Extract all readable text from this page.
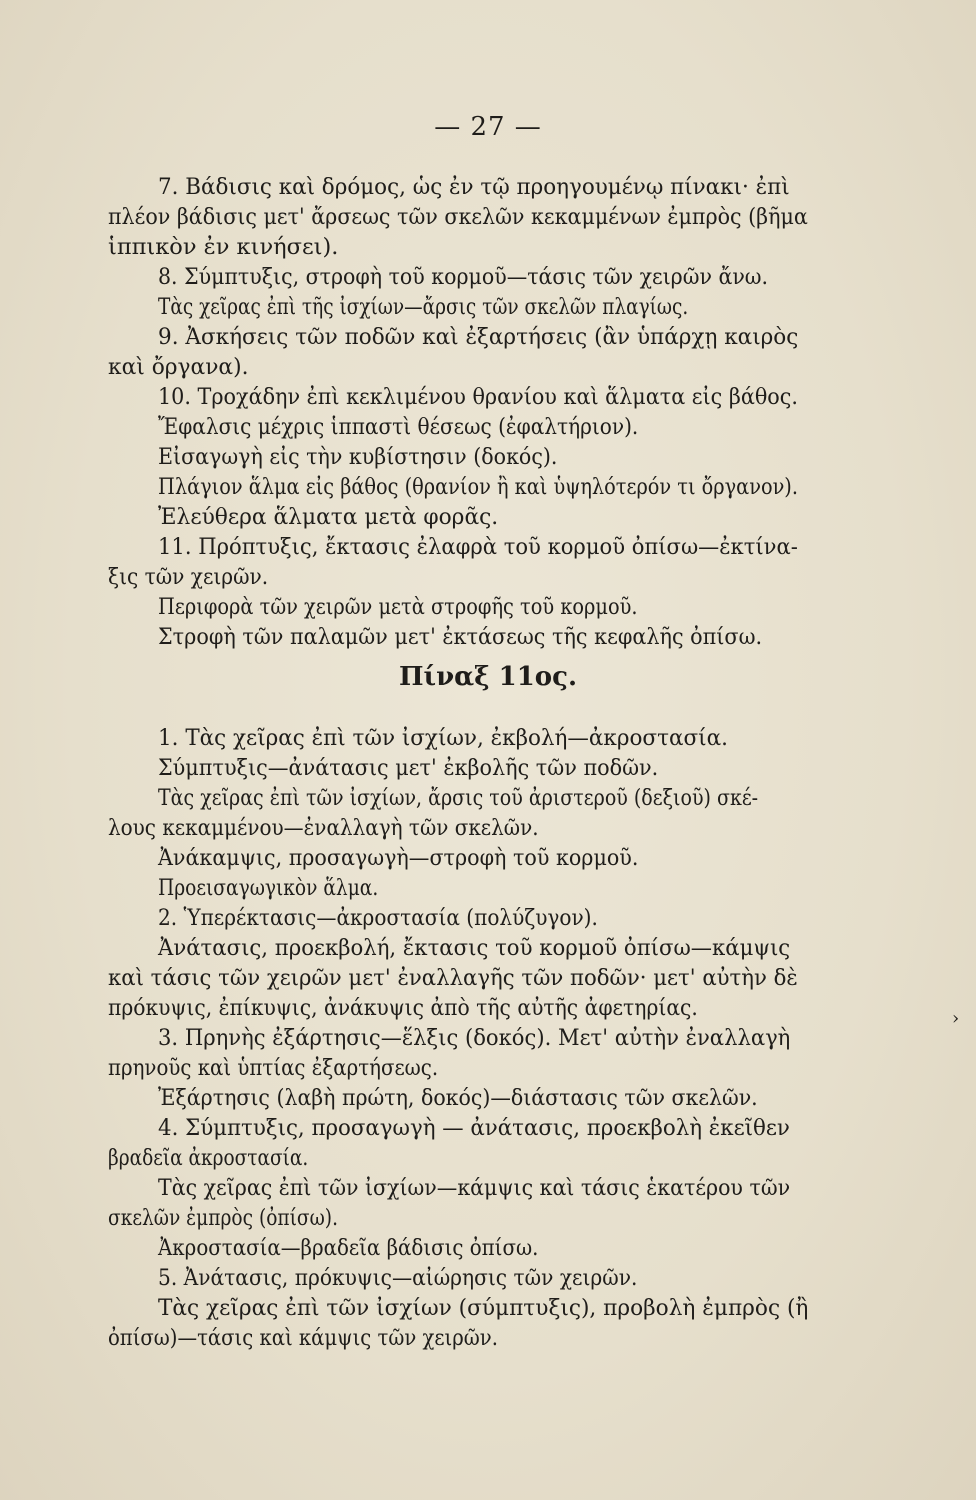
— 27 —
7. Βάδισις καὶ δρόμος, ὡς ἐν τῷ προηγουμένῳ πίνακι· ἐπὶ
πλέον βάδισις μετ' ἄρσεως τῶν σκελῶν κεκαμμένων ἐμπρὸς (βῆμα
ἱππικὸν ἐν κινήσει).
8. Σύμπτυξις, στροφὴ τοῦ κορμοῦ—τάσις τῶν χειρῶν ἄνω.
Τὰς χεῖρας ἐπὶ τῆς ἰσχίων—ἄρσις τῶν σκελῶν πλαγίως.
9. Ἀσκήσεις τῶν ποδῶν καὶ ἐξαρτήσεις (ἂν ὑπάρχῃ καιρὸς
καὶ ὄργανα).
10. Τροχάδην ἐπὶ κεκλιμένου θρανίου καὶ ἅλματα εἰς βάθος.
Ἔφαλσις μέχρις ἱππαστὶ θέσεως (ἐφαλτήριον).
Εἰσαγωγὴ εἰς τὴν κυβίστησιν (δοκός).
Πλάγιον ἅλμα εἰς βάθος (θρανίον ἢ καὶ ὑψηλότερόν τι ὄργανον).
Ἐλεύθερα ἅλματα μετὰ φορᾶς.
11. Πρόπτυξις, ἔκτασις ἐλαφρὰ τοῦ κορμοῦ ὀπίσω—ἐκτίνα-
ξις τῶν χειρῶν.
Περιφορὰ τῶν χειρῶν μετὰ στροφῆς τοῦ κορμοῦ.
Στροφὴ τῶν παλαμῶν μετ' ἐκτάσεως τῆς κεφαλῆς ὀπίσω.
Πίναξ 11ος.
1. Τὰς χεῖρας ἐπὶ τῶν ἰσχίων, ἐκβολή—ἀκροστασία.
Σύμπτυξις—ἀνάτασις μετ' ἐκβολῆς τῶν ποδῶν.
Τὰς χεῖρας ἐπὶ τῶν ἰσχίων, ἄρσις τοῦ ἀριστεροῦ (δεξιοῦ) σκέ-
λους κεκαμμένου—ἐναλλαγὴ τῶν σκελῶν.
Ἀνάκαμψις, προσαγωγὴ—στροφὴ τοῦ κορμοῦ.
Προεισαγωγικὸν ἅλμα.
2. Ὑπερέκτασις—ἀκροστασία (πολύζυγον).
Ἀνάτασις, προεκβολή, ἔκτασις τοῦ κορμοῦ ὀπίσω—κάμψις
καὶ τάσις τῶν χειρῶν μετ' ἐναλλαγῆς τῶν ποδῶν· μετ' αὐτὴν δὲ
πρόκυψις, ἐπίκυψις, ἀνάκυψις ἀπὸ τῆς αὐτῆς ἀφετηρίας.
3. Πρηνὴς ἐξάρτησις—ἕλξις (δοκός). Μετ' αὐτὴν ἐναλλαγὴ
πρηνοῦς καὶ ὑπτίας ἐξαρτήσεως.
Ἐξάρτησις (λαβὴ πρώτη, δοκός)—διάστασις τῶν σκελῶν.
4. Σύμπτυξις, προσαγωγὴ — ἀνάτασις, προεκβολὴ ἐκεῖθεν
βραδεῖα ἀκροστασία.
Τὰς χεῖρας ἐπὶ τῶν ἰσχίων—κάμψις καὶ τάσις ἑκατέρου τῶν
σκελῶν ἐμπρὸς (ὀπίσω).
Ἀκροστασία—βραδεῖα βάδισις ὀπίσω.
5. Ἀνάτασις, πρόκυψις—αἰώρησις τῶν χειρῶν.
Τὰς χεῖρας ἐπὶ τῶν ἰσχίων (σύμπτυξις), προβολὴ ἐμπρὸς (ἢ
ὀπίσω)—τάσις καὶ κάμψις τῶν χειρῶν.
›
